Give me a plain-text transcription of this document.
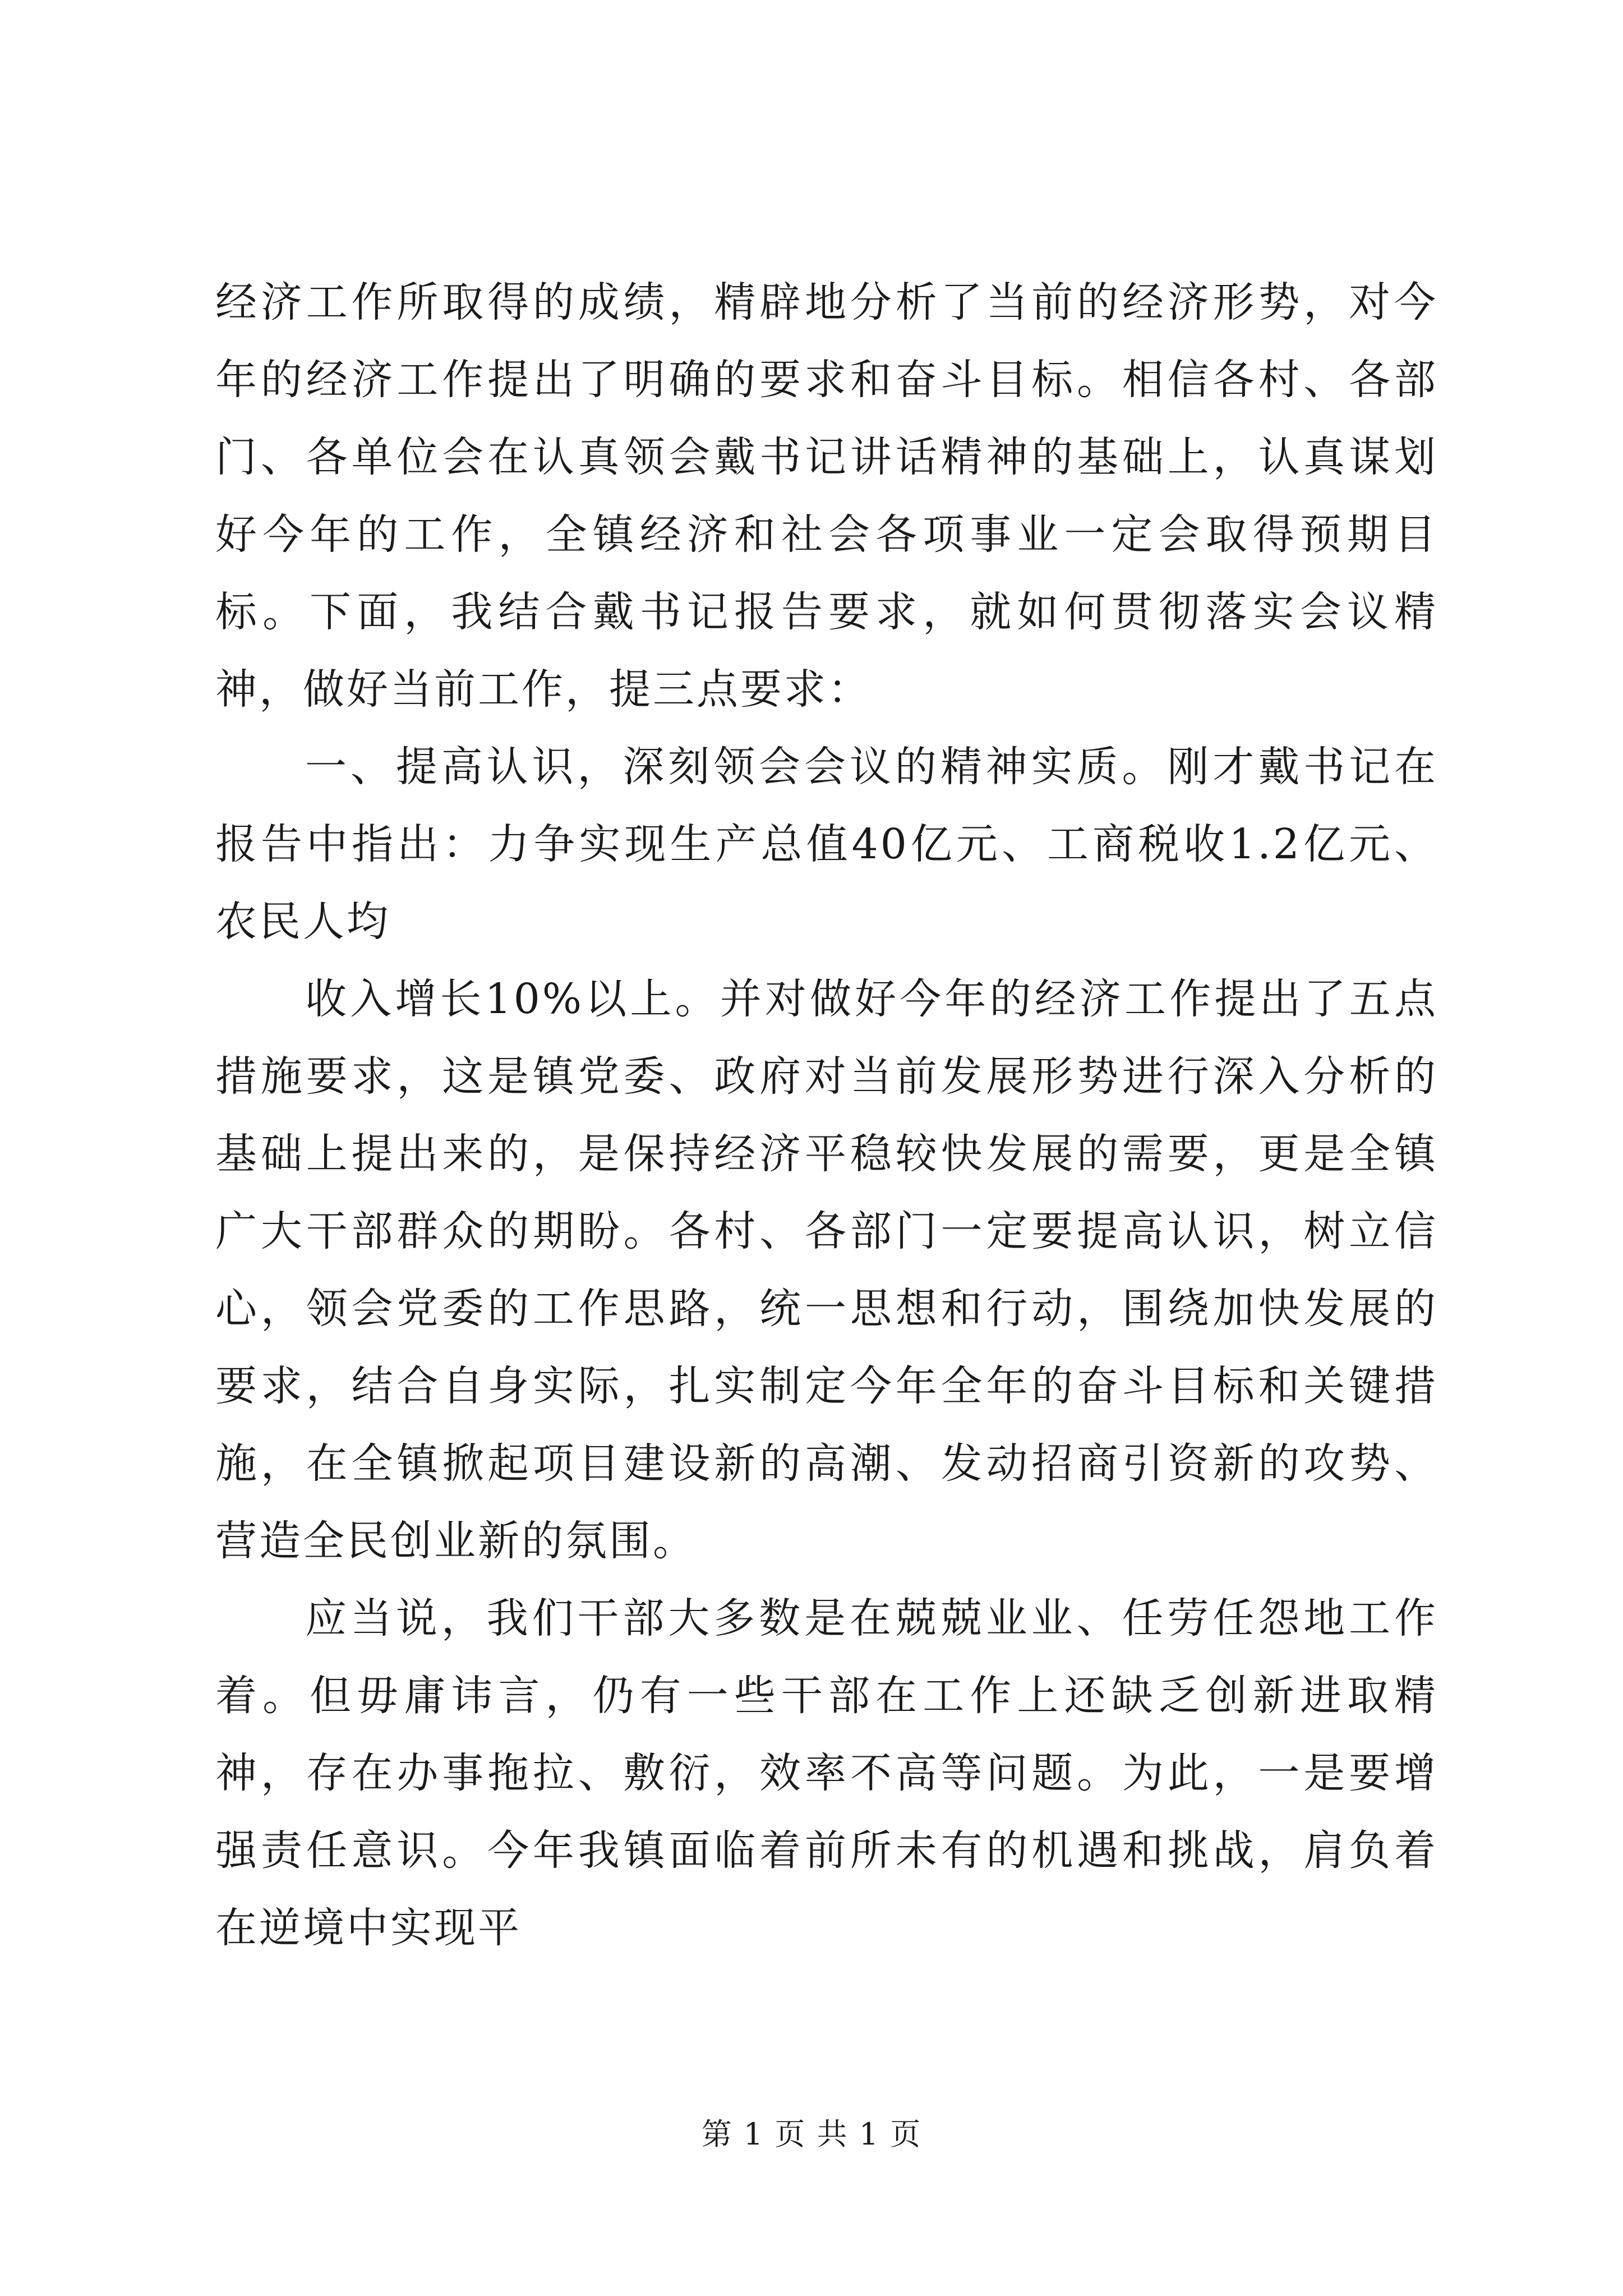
经济工作所取得的成绩，精辟地分析了当前的经济形势，对今年的经济工作提出了明确的要求和奋斗目标。相信各村、各部门、各单位会在认真领会戴书记讲话精神的基础上，认真谋划好今年的工作，全镇经济和社会各项事业一定会取得预期目标。下面，我结合戴书记报告要求，就如何贯彻落实会议精神，做好当前工作，提三点要求：

一、提高认识，深刻领会会议的精神实质。刚才戴书记在报告中指出：力争实现生产总值40亿元、工商税收1.2亿元、农民人均

收入增长10%以上。并对做好今年的经济工作提出了五点措施要求，这是镇党委、政府对当前发展形势进行深入分析的基础上提出来的，是保持经济平稳较快发展的需要，更是全镇广大干部群众的期盼。各村、各部门一定要提高认识，树立信心，领会党委的工作思路，统一思想和行动，围绕加快发展的要求，结合自身实际，扎实制定今年全年的奋斗目标和关键措施，在全镇掀起项目建设新的高潮、发动招商引资新的攻势、营造全民创业新的氛围。

应当说，我们干部大多数是在兢兢业业、任劳任怨地工作着。但毋庸讳言，仍有一些干部在工作上还缺乏创新进取精神，存在办事拖拉、敷衍，效率不高等问题。为此，一是要增强责任意识。今年我镇面临着前所未有的机遇和挑战，肩负着在逆境中实现平

第 1 页 共 1 页
